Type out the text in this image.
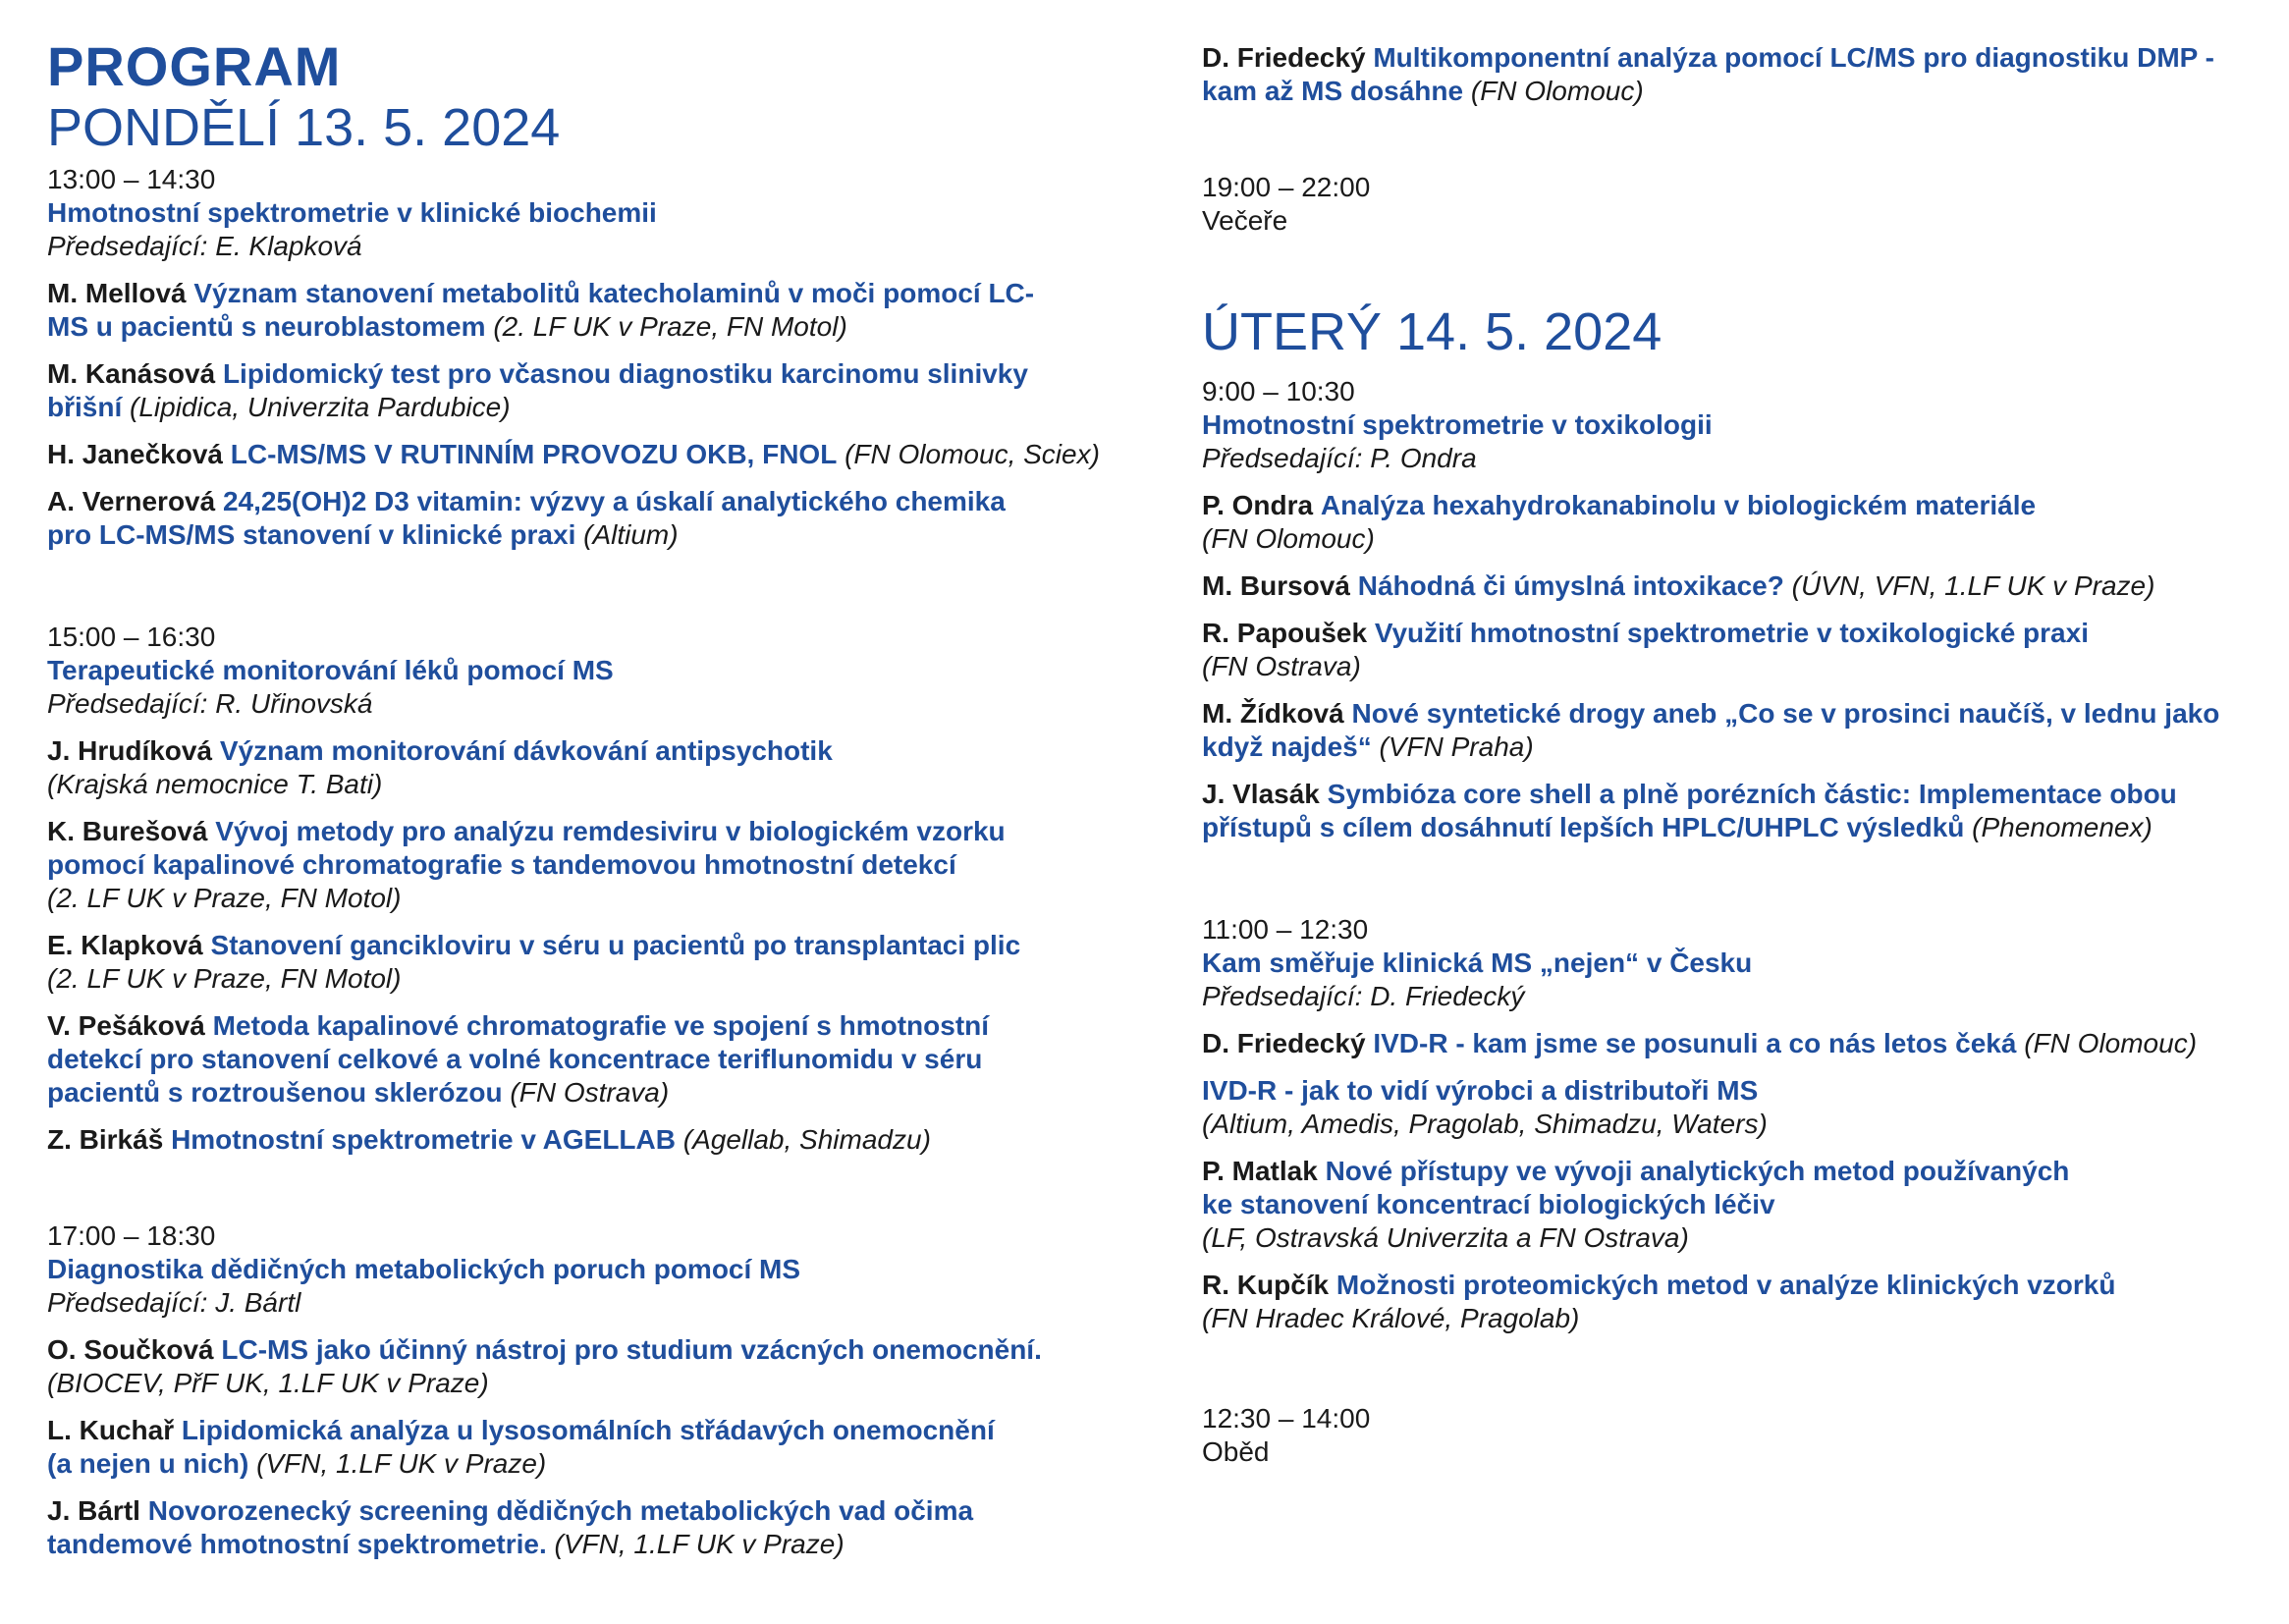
PROGRAM
PONDĚLÍ 13. 5. 2024
13:00 – 14:30
Hmotnostní spektrometrie v klinické biochemii
Předsedající: E. Klapková
M. Mellová Význam stanovení metabolitů katecholaminů v moči pomocí LC-
MS u pacientů s neuroblastomem (2. LF UK v Praze, FN Motol)
M. Kanásová Lipidomický test pro včasnou diagnostiku karcinomu slinivky
břišní (Lipidica, Univerzita Pardubice)
H. Janečková LC-MS/MS V RUTINNÍM PROVOZU OKB, FNOL (FN Olomouc, Sciex)
A. Vernerová 24,25(OH)2 D3 vitamin: výzvy a úskalí analytického chemika
pro LC-MS/MS stanovení v klinické praxi (Altium)
15:00 – 16:30
Terapeutické monitorování léků pomocí MS
Předsedající: R. Uřinovská
J. Hrudíková Význam monitorování dávkování antipsychotik
(Krajská nemocnice T. Bati)
K. Burešová Vývoj metody pro analýzu remdesiviru v biologickém vzorku
pomocí kapalinové chromatografie s tandemovou hmotnostní detekcí
(2. LF UK v Praze, FN Motol)
E. Klapková Stanovení gancikloviru v séru u pacientů po transplantaci plic
(2. LF UK v Praze, FN Motol)
V. Pešáková Metoda kapalinové chromatografie ve spojení s hmotnostní
detekcí pro stanovení celkové a volné koncentrace teriflunomidu v séru
pacientů s roztroušenou sklerózou (FN Ostrava)
Z. Birkáš Hmotnostní spektrometrie v AGELLAB (Agellab, Shimadzu)
17:00 – 18:30
Diagnostika dědičných metabolických poruch pomocí MS
Předsedající: J. Bártl
O. Součková LC-MS jako účinný nástroj pro studium vzácných onemocnění.
(BIOCEV, PřF UK, 1.LF UK v Praze)
L. Kuchař Lipidomická analýza u lysosomálních střádavých onemocnění
(a nejen u nich) (VFN, 1.LF UK v Praze)
J. Bártl Novorozenecký screening dědičných metabolických vad očima
tandemové hmotnostní spektrometrie. (VFN, 1.LF UK v Praze)
D. Friedecký Multikomponentní analýza pomocí LC/MS pro diagnostiku DMP -
kam až MS dosáhne (FN Olomouc)
19:00 – 22:00
Večeře
ÚTERÝ 14. 5. 2024
9:00 – 10:30
Hmotnostní spektrometrie v toxikologii
Předsedající: P. Ondra
P. Ondra Analýza hexahydrokanabinolu v biologickém materiále
(FN Olomouc)
M. Bursová Náhodná či úmyslná intoxikace? (ÚVN, VFN, 1.LF UK v Praze)
R. Papoušek Využití hmotnostní spektrometrie v toxikologické praxi
(FN Ostrava)
M. Žídková Nové syntetické drogy aneb „Co se v prosinci naučíš, v lednu jako
když najdeš“ (VFN Praha)
J. Vlasák Symbióza core shell a plně porézních částic: Implementace obou
přístupů s cílem dosáhnutí lepších HPLC/UHPLC výsledků (Phenomenex)
11:00 – 12:30
Kam směřuje klinická MS „nejen“ v Česku
Předsedající: D. Friedecký
D. Friedecký IVD-R - kam jsme se posunuli a co nás letos čeká (FN Olomouc)
IVD-R - jak to vidí výrobci a distributoři MS
(Altium, Amedis, Pragolab, Shimadzu, Waters)
P. Matlak Nové přístupy ve vývoji analytických metod používaných
ke stanovení koncentrací biologických léčiv
(LF, Ostravská Univerzita a FN Ostrava)
R. Kupčík Možnosti proteomických metod v analýze klinických vzorků
(FN Hradec Králové, Pragolab)
12:30 – 14:00
Oběd
